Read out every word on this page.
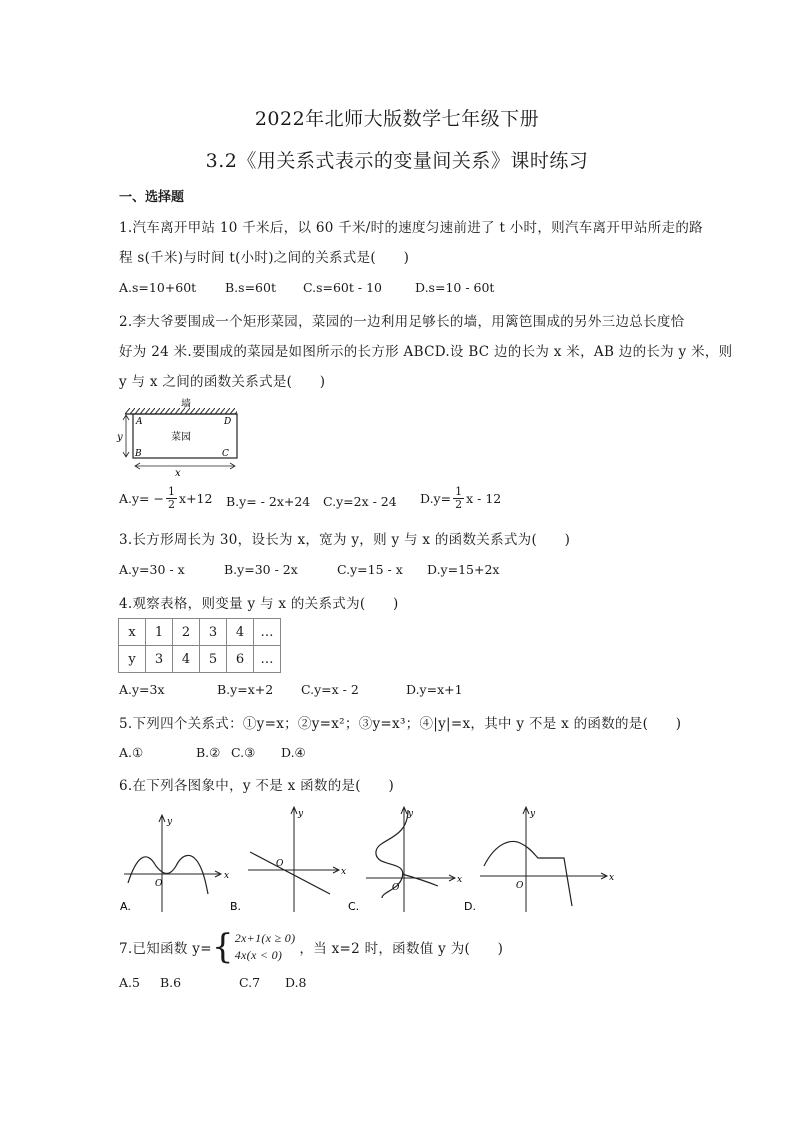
2022年北师大版数学七年级下册
3.2《用关系式表示的变量间关系》课时练习
一、选择题
1.汽车离开甲站 10 千米后，以 60 千米/时的速度匀速前进了 t 小时，则汽车离开甲站所走的路
程 s(千米)与时间 t(小时)之间的关系式是(　　)
A.s=10+60t B.s=60t C.s=60t - 10	D.s=10 - 60t
2.李大爷要围成一个矩形菜园，菜园的一边利用足够长的墙，用篱笆围成的另外三边总长度恰
好为 24 米.要围成的菜园是如图所示的长方形 ABCD.设 BC 边的长为 x 米，AB 边的长为 y 米，则
y 与 x 之间的函数关系式是(　　)
墙
菜园
A	D
B	C
y
x
$A.y= - \frac{1}{2} x+12$ B.y= - 2x+24 C.y=2x - 24 $D.y= \frac{1}{2}$ x - 12
3.长方形周长为 30，设长为 x，宽为 y，则 y 与 x 的函数关系式为(　　)
A.y=30 - x	B.y=30 - 2x	C.y=15 - x D.y=15+2x
4.观察表格，则变量 y 与 x 的关系式为(　　)
x	1	2	3	4	…
y	3	4	5	6	…
A.y=3x	B.y=x+2 C.y=x - 2	D.y=x+1
5.下列四个关系式：①y=x；②y=x²；③y=x³；④|y|=x，其中 y 不是 x 的函数的是(　　)
A.①	B.② C.③ D.④
6.在下列各图象中，y 不是 x 函数的是(　　)
x
y
O
A.
x
y
O
B.
x
y
O
C.
x
y
O
D.
7.已知函数 y= { 2x+1(x ≥ 0)
4x(x < 0)	，当 x=2 时，函数值 y 为(　　)
A.5 B.6	C.7 D.8
